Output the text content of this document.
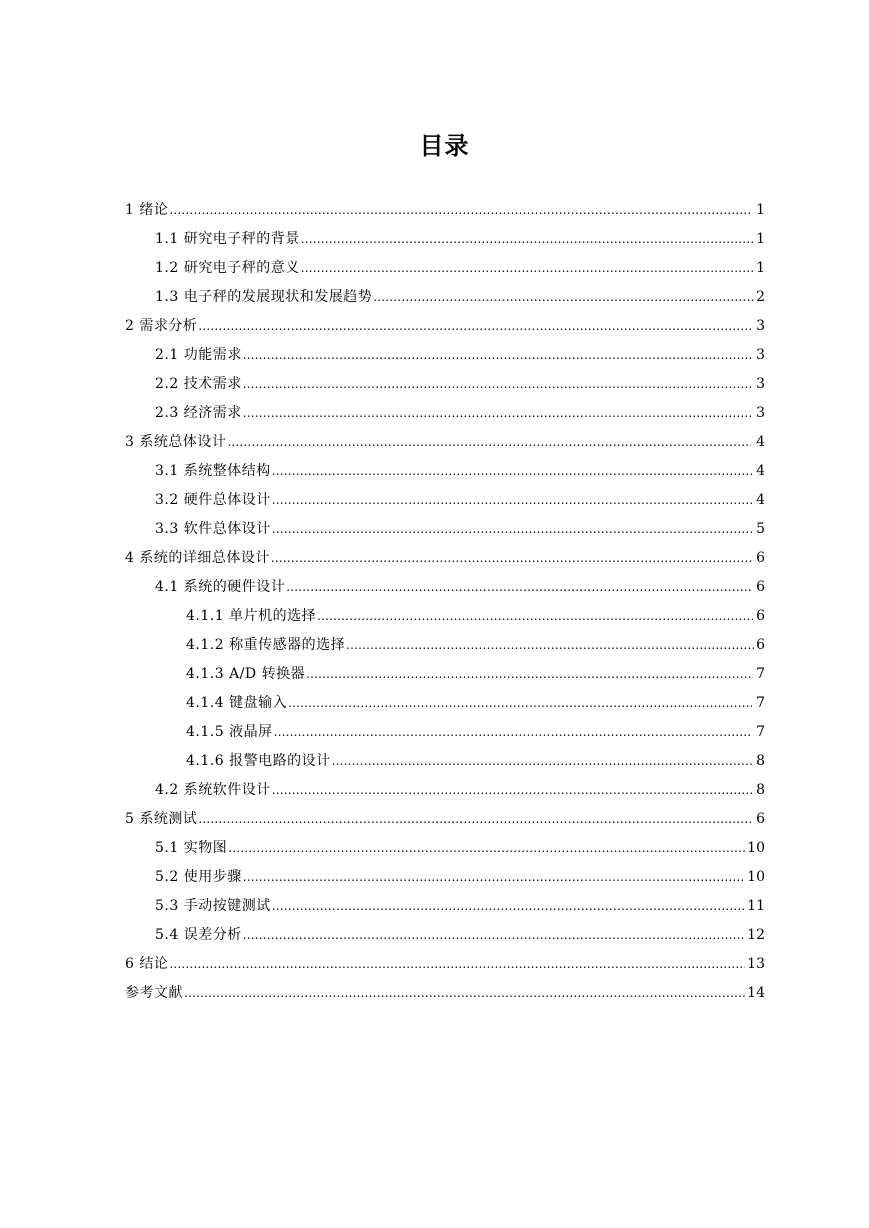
目录
1 绪论 .....	1
1.1 研究电子秤的背景 .....	1
1.2 研究电子秤的意义 .....	1
1.3 电子秤的发展现状和发展趋势 .....	2
2 需求分析 .....	3
2.1 功能需求 .....	3
2.2 技术需求 .....	3
2.3 经济需求 .....	3
3 系统总体设计 .....	4
3.1 系统整体结构 .....	4
3.2 硬件总体设计 .....	4
3.3 软件总体设计 .....	5
4 系统的详细总体设计 .....	6
4.1 系统的硬件设计 .....	6
4.1.1 单片机的选择 .....	6
4.1.2 称重传感器的选择 .....	6
4.1.3 A/D 转换器 .....	7
4.1.4 键盘输入 .....	7
4.1.5 液晶屏 .....	7
4.1.6 报警电路的设计 .....	8
4.2 系统软件设计 .....	8
5 系统测试 .....	6
5.1 实物图 .....	10
5.2 使用步骤 .....	10
5.3 手动按键测试 .....	11
5.4 误差分析 .....	12
6 结论 .....	13
参考文献 .....	14
